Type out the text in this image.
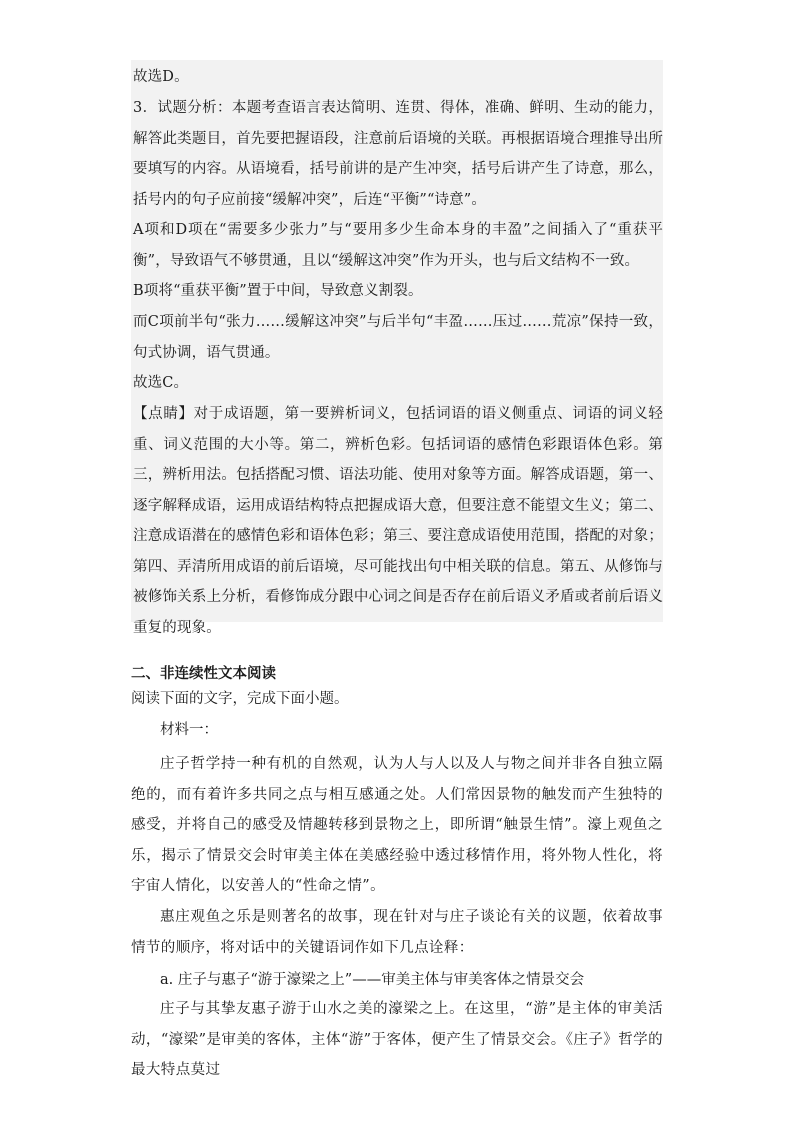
故选D。

3．试题分析：本题考查语言表达简明、连贯、得体，准确、鲜明、生动的能力，解答此类题目，首先要把握语段，注意前后语境的关联。再根据语境合理推导出所要填写的内容。从语境看，括号前讲的是产生冲突，括号后讲产生了诗意，那么，括号内的句子应前接“缓解冲突”，后连“平衡”“诗意”。

A项和D项在“需要多少张力”与“要用多少生命本身的丰盈”之间插入了“重获平衡”，导致语气不够贯通，且以“缓解这冲突”作为开头，也与后文结构不一致。

B项将“重获平衡”置于中间，导致意义割裂。

而C项前半句“张力……缓解这冲突”与后半句“丰盈……压过……荒凉”保持一致，句式协调，语气贯通。

故选C。

【点睛】对于成语题，第一要辨析词义，包括词语的语义侧重点、词语的词义轻重、词义范围的大小等。第二，辨析色彩。包括词语的感情色彩跟语体色彩。第三，辨析用法。包括搭配习惯、语法功能、使用对象等方面。解答成语题，第一、逐字解释成语，运用成语结构特点把握成语大意，但要注意不能望文生义；第二、注意成语潜在的感情色彩和语体色彩；第三、要注意成语使用范围，搭配的对象；第四、弄清所用成语的前后语境，尽可能找出句中相关联的信息。第五、从修饰与被修饰关系上分析，看修饰成分跟中心词之间是否存在前后语义矛盾或者前后语义重复的现象。

二、非连续性文本阅读

阅读下面的文字，完成下面小题。

材料一：

庄子哲学持一种有机的自然观，认为人与人以及人与物之间并非各自独立隔绝的，而有着许多共同之点与相互感通之处。人们常因景物的触发而产生独特的感受，并将自己的感受及情趣转移到景物之上，即所谓“触景生情”。濠上观鱼之乐，揭示了情景交会时审美主体在美感经验中透过移情作用，将外物人性化，将宇宙人情化，以安善人的“性命之情”。

惠庄观鱼之乐是则著名的故事，现在针对与庄子谈论有关的议题，依着故事情节的顺序，将对话中的关键语词作如下几点诠释：

a. 庄子与惠子“游于濠梁之上”——审美主体与审美客体之情景交会

庄子与其挚友惠子游于山水之美的濠梁之上。在这里，“游”是主体的审美活动，“濠梁”是审美的客体，主体“游”于客体，便产生了情景交会。《庄子》哲学的最大特点莫过
